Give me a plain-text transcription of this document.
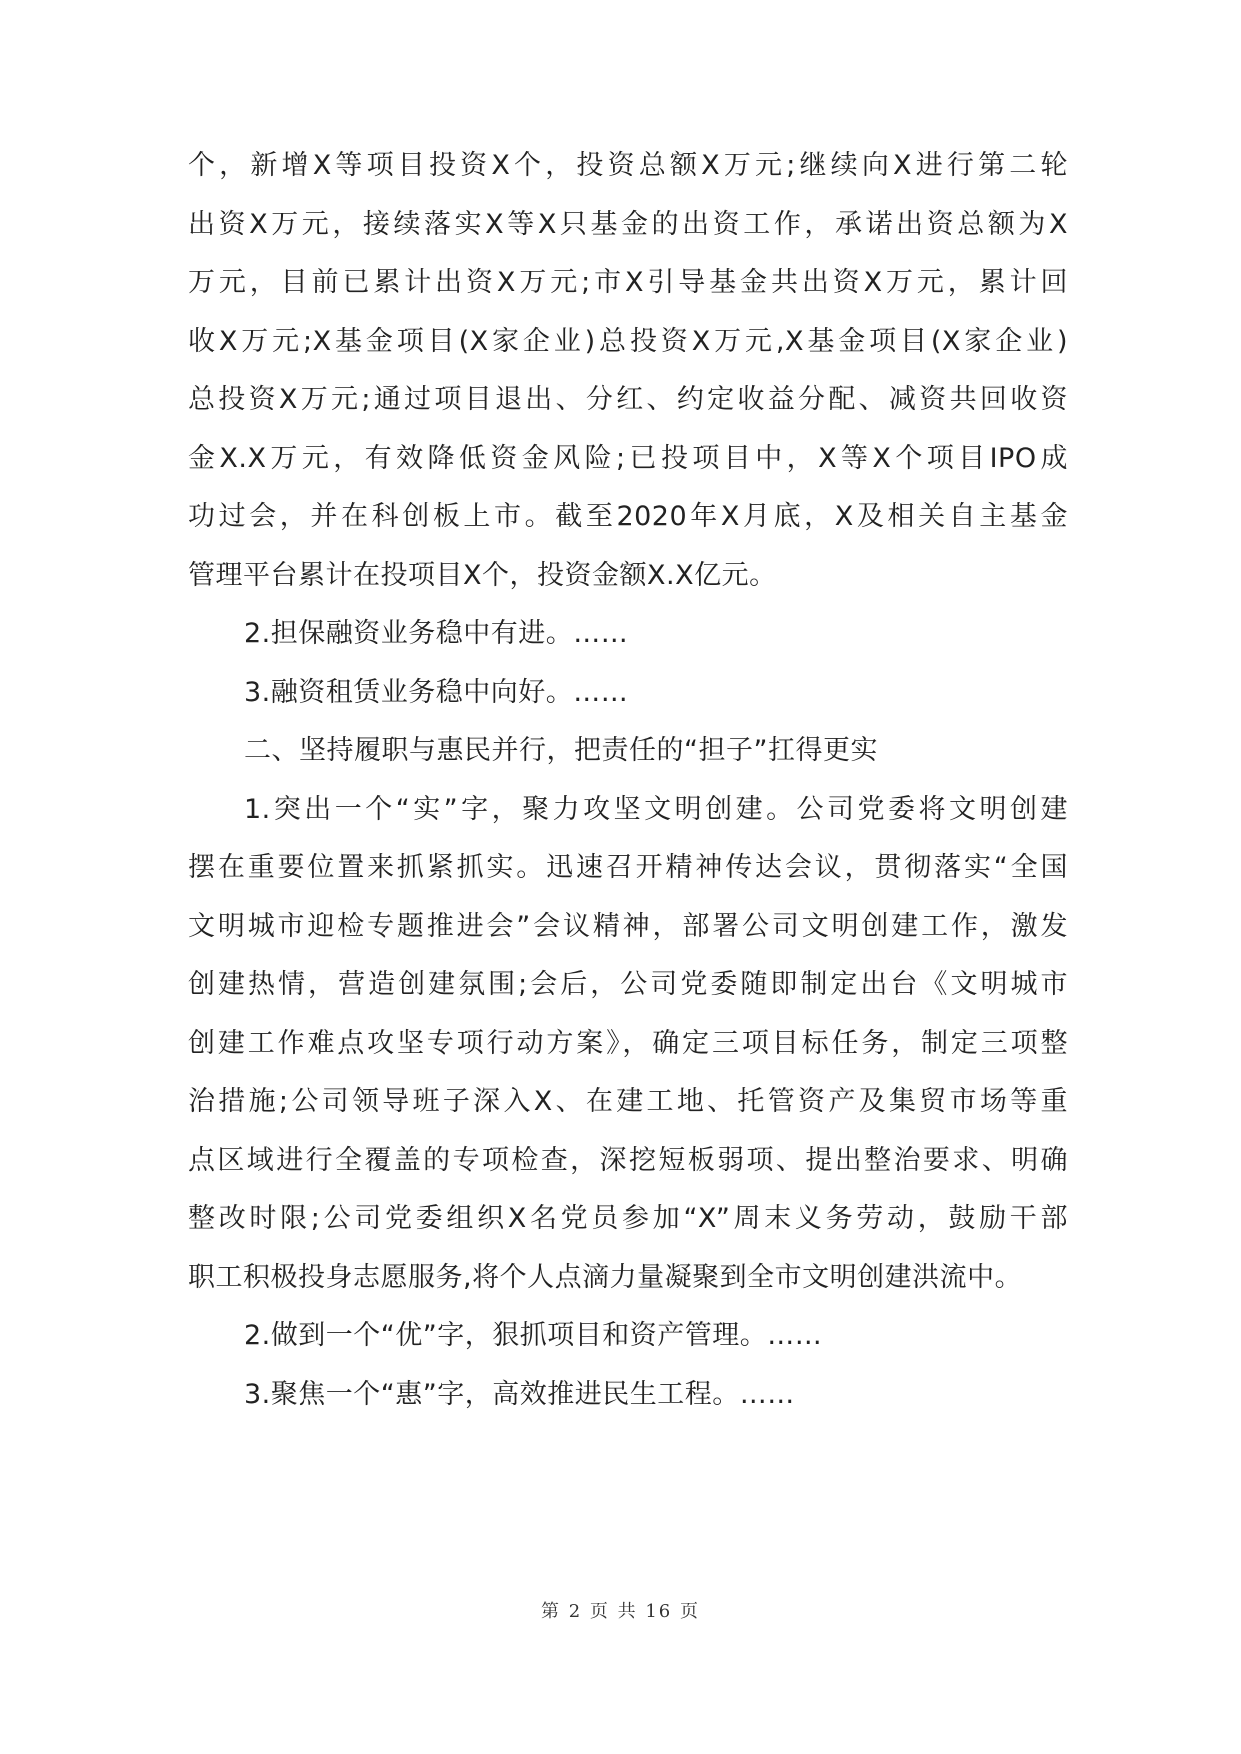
个，新增X等项目投资X个，投资总额X万元;继续向X进行第二轮
出资X万元，接续落实X等X只基金的出资工作，承诺出资总额为X
万元，目前已累计出资X万元;市X引导基金共出资X万元，累计回
收X万元;X基金项目(X家企业)总投资X万元,X基金项目(X家企业)
总投资X万元;通过项目退出、分红、约定收益分配、减资共回收资
金X.X万元，有效降低资金风险;已投项目中，X等X个项目IPO成
功过会，并在科创板上市。截至2020年X月底，X及相关自主基金
管理平台累计在投项目X个，投资金额X.X亿元。
2.担保融资业务稳中有进。……
3.融资租赁业务稳中向好。……
二、坚持履职与惠民并行，把责任的“担子”扛得更实
1.突出一个“实”字，聚力攻坚文明创建。公司党委将文明创建
摆在重要位置来抓紧抓实。迅速召开精神传达会议，贯彻落实“全国
文明城市迎检专题推进会”会议精神，部署公司文明创建工作，激发
创建热情，营造创建氛围;会后，公司党委随即制定出台《文明城市
创建工作难点攻坚专项行动方案》，确定三项目标任务，制定三项整
治措施;公司领导班子深入X、在建工地、托管资产及集贸市场等重
点区域进行全覆盖的专项检查，深挖短板弱项、提出整治要求、明确
整改时限;公司党委组织X名党员参加“X”周末义务劳动，鼓励干部
职工积极投身志愿服务,将个人点滴力量凝聚到全市文明创建洪流中。
2.做到一个“优”字，狠抓项目和资产管理。……
3.聚焦一个“惠”字，高效推进民生工程。……
第 2 页 共 16 页
